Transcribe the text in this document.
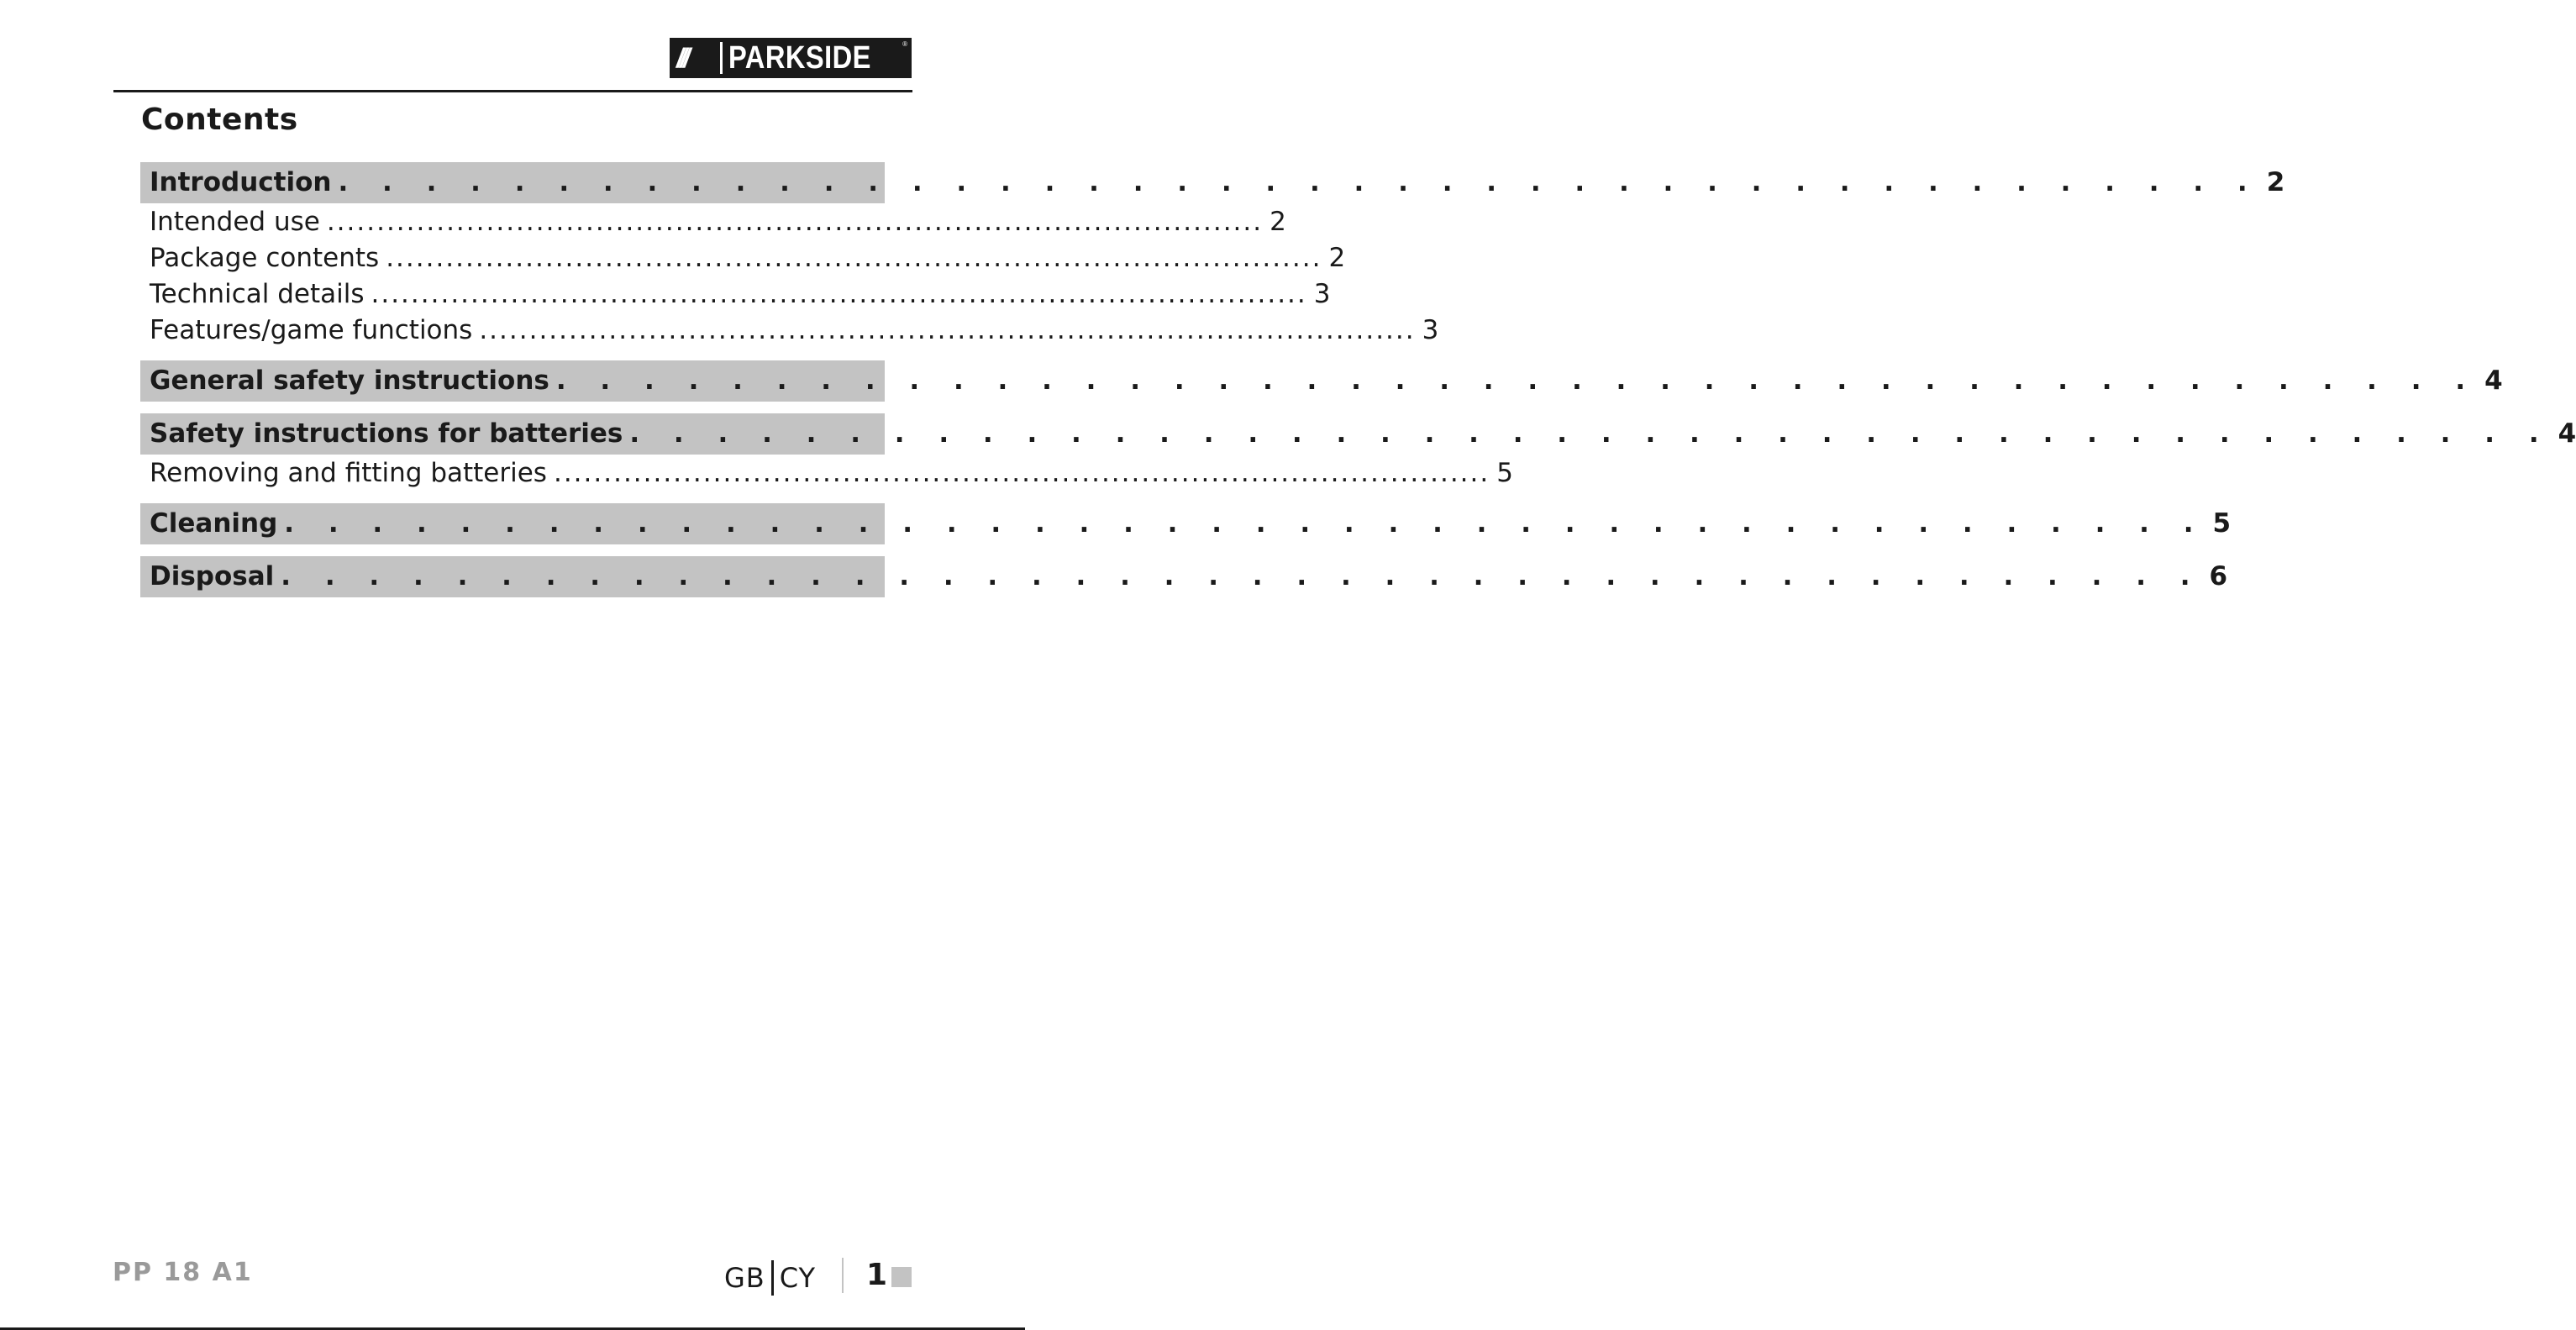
///	PARKSIDE	®
Contents
Introduction . . . . . . . . . . . . . . . . . . . . . . . . . . . . . . . . . . . . . . . . . . . . 2
Intended use .............................................................................................. 2
Package contents .............................................................................................. 2
Technical details .............................................................................................. 3
Features/game functions .............................................................................................. 3
General safety instructions . . . . . . . . . . . . . . . . . . . . . . . . . . . . . . . . . . . . . . . . . . . . 4
Safety instructions for batteries . . . . . . . . . . . . . . . . . . . . . . . . . . . . . . . . . . . . . . . . . . . . 4
Removing and fitting batteries .............................................................................................. 5
Cleaning . . . . . . . . . . . . . . . . . . . . . . . . . . . . . . . . . . . . . . . . . . . . 5
Disposal . . . . . . . . . . . . . . . . . . . . . . . . . . . . . . . . . . . . . . . . . . . . 6
PP 18 A1	GB CY 1
